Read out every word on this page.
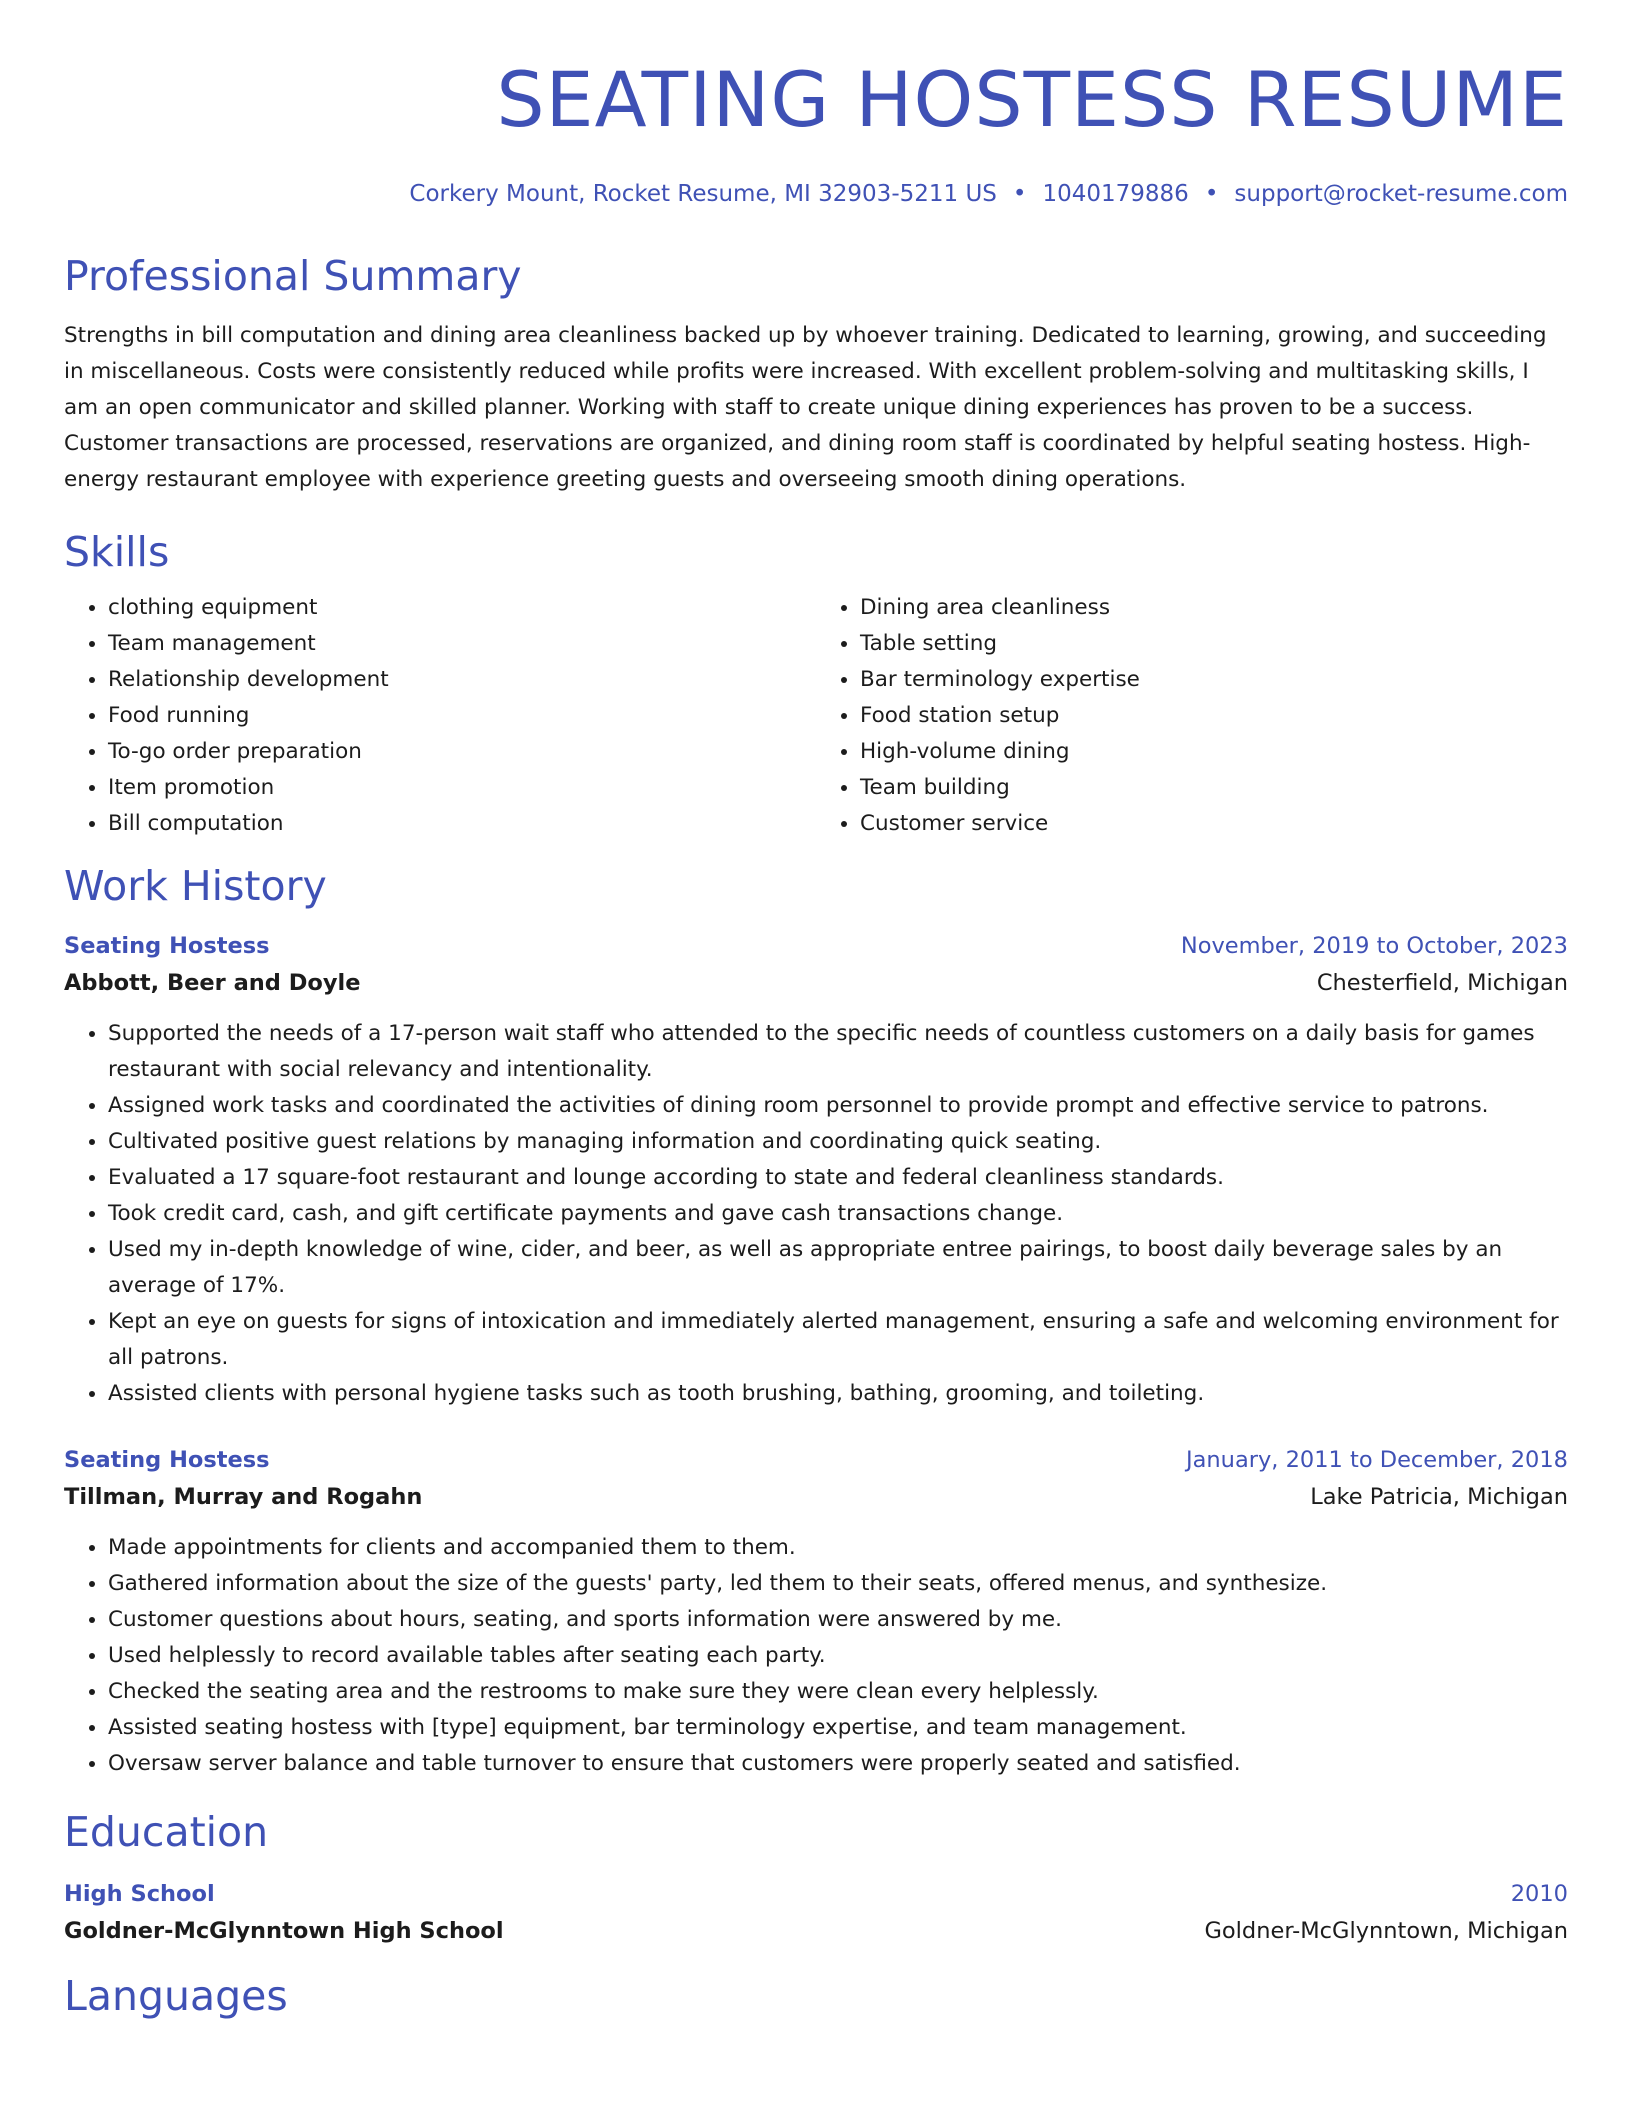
SEATING HOSTESS RESUME
Corkery Mount, Rocket Resume, MI 32903-5211 US • 1040179886 • support@rocket-resume.com
Professional Summary

Strengths in bill computation and dining area cleanliness backed up by whoever training. Dedicated to learning, growing, and succeeding in miscellaneous. Costs were consistently reduced while profits were increased. With excellent problem-solving and multitasking skills, I am an open communicator and skilled planner. Working with staff to create unique dining experiences has proven to be a success. Customer transactions are processed, reservations are organized, and dining room staff is coordinated by helpful seating hostess. High-energy restaurant employee with experience greeting guests and overseeing smooth dining operations.

Skills
• clothing equipment
• Team management
• Relationship development
• Food running
• To-go order preparation
• Item promotion
• Bill computation
• Dining area cleanliness
• Table setting
• Bar terminology expertise
• Food station setup
• High-volume dining
• Team building
• Customer service
Work History
Seating Hostess	November, 2019 to October, 2023
Abbott, Beer and Doyle	Chesterfield, Michigan
• Supported the needs of a 17-person wait staff who attended to the specific needs of countless customers on a daily basis for games restaurant with social relevancy and intentionality.
• Assigned work tasks and coordinated the activities of dining room personnel to provide prompt and effective service to patrons.
• Cultivated positive guest relations by managing information and coordinating quick seating.
• Evaluated a 17 square-foot restaurant and lounge according to state and federal cleanliness standards.
• Took credit card, cash, and gift certificate payments and gave cash transactions change.
• Used my in-depth knowledge of wine, cider, and beer, as well as appropriate entree pairings, to boost daily beverage sales by an average of 17%.
• Kept an eye on guests for signs of intoxication and immediately alerted management, ensuring a safe and welcoming environment for all patrons.
• Assisted clients with personal hygiene tasks such as tooth brushing, bathing, grooming, and toileting.
Seating Hostess	January, 2011 to December, 2018
Tillman, Murray and Rogahn	Lake Patricia, Michigan
• Made appointments for clients and accompanied them to them.
• Gathered information about the size of the guests' party, led them to their seats, offered menus, and synthesize.
• Customer questions about hours, seating, and sports information were answered by me.
• Used helplessly to record available tables after seating each party.
• Checked the seating area and the restrooms to make sure they were clean every helplessly.
• Assisted seating hostess with [type] equipment, bar terminology expertise, and team management.
• Oversaw server balance and table turnover to ensure that customers were properly seated and satisfied.
Education
High School	2010
Goldner-McGlynntown High School	Goldner-McGlynntown, Michigan
Languages
